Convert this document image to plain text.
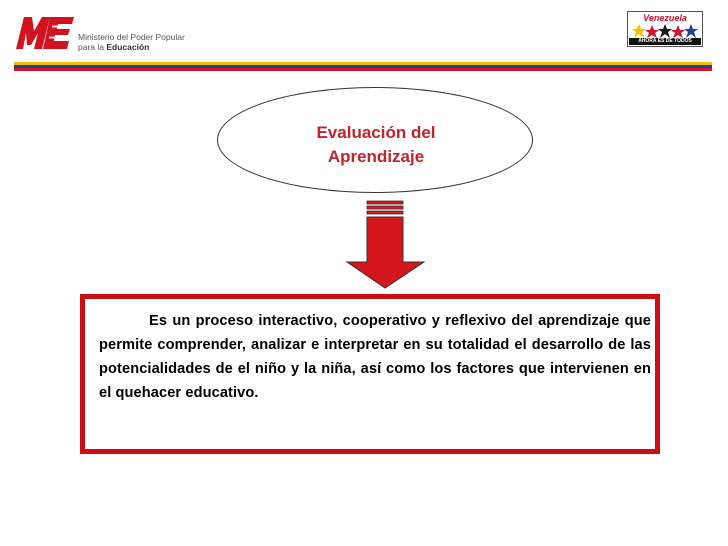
Ministerio del Poder Popular
para la Educación
Venezuela
AHORA ES DE TODOS
Evaluación del
Aprendizaje

Es un proceso interactivo, cooperativo y reflexivo del aprendizaje que permite comprender, analizar e interpretar en su totalidad el desarrollo de las potencialidades de el niño y la niña, así como los factores que intervienen en el quehacer educativo.
